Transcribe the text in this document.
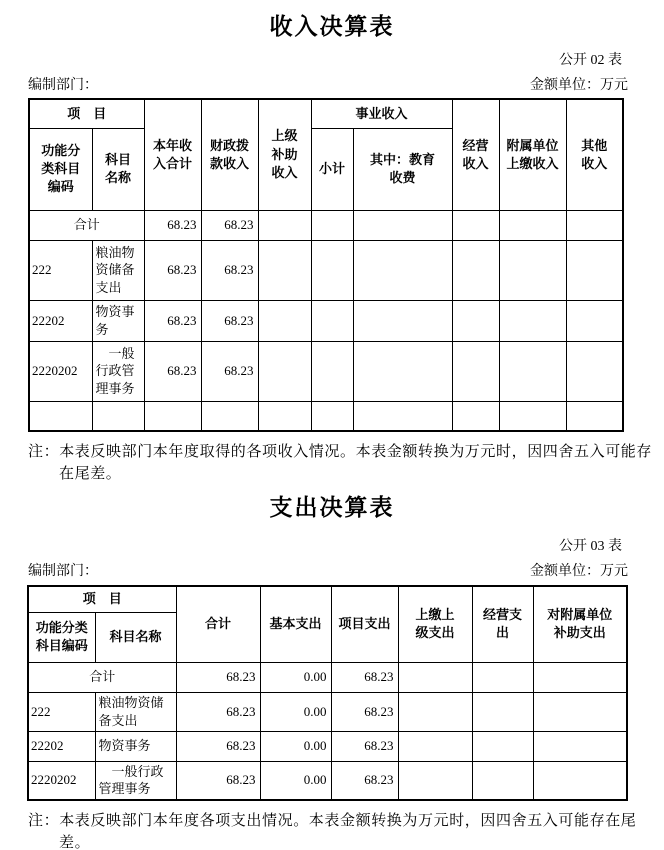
收入决算表
公开 02 表
编制部门：	金额单位：万元
项　目		本年收入合计	财政拨款收入	上级补助收入	事业收入		经营收入	附属单位上缴收入	其他收入
功能分类科目编码	科目名称				小计	其中：教育收费			
合计		68.23	68.23						
222	粮油物资储备支出	68.23	68.23						
22202	物资事务	68.23	68.23						
2220202	一般行政管理事务	68.23	68.23						

注：本表反映部门本年度取得的各项收入情况。本表金额转换为万元时，因四舍五入可能存在尾差。
支出决算表
公开 03 表
编制部门：	金额单位：万元
项　目		合计	基本支出	项目支出	上缴上级支出	经营支出	对附属单位补助支出
功能分类科目编码	科目名称						
合计		68.23	0.00	68.23			
222	粮油物资储备支出	68.23	0.00	68.23			
22202	物资事务	68.23	0.00	68.23			
2220202	一般行政管理事务	68.23	0.00	68.23			
注：本表反映部门本年度各项支出情况。本表金额转换为万元时，因四舍五入可能存在尾差。
